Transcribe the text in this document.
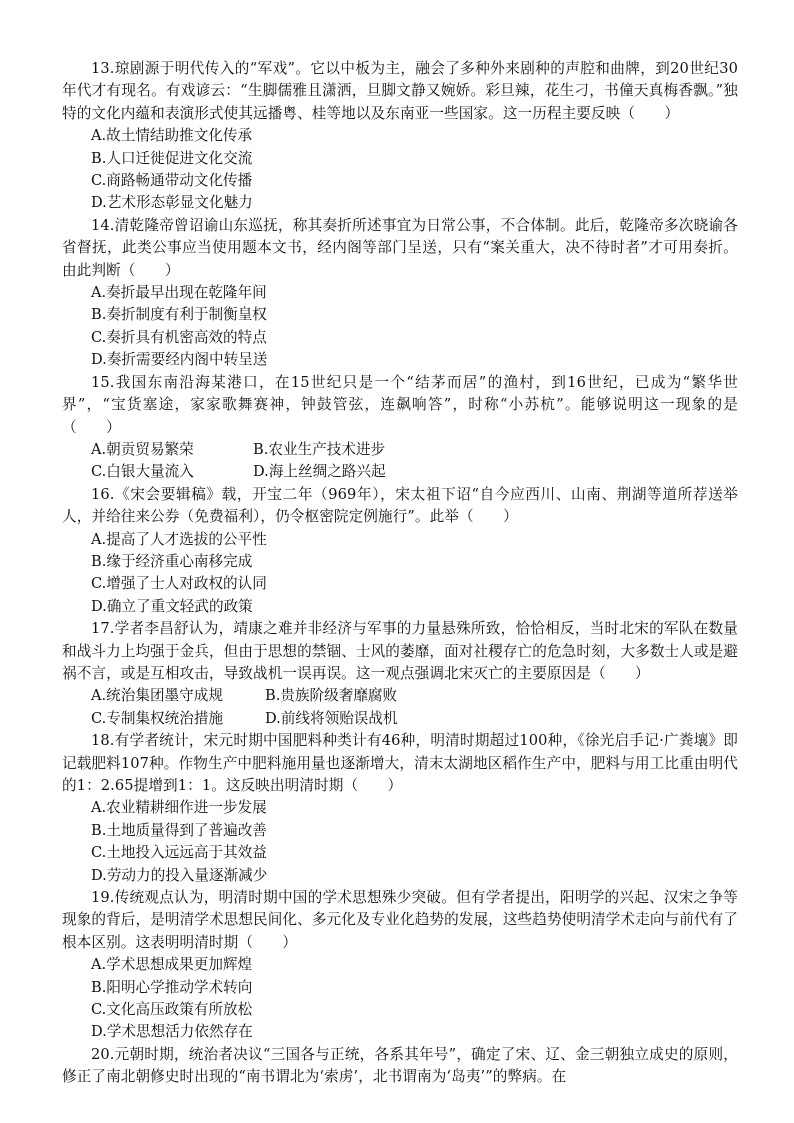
13.琼剧源于明代传入的“军戏”。它以中板为主，融会了多种外来剧种的声腔和曲牌，到20世纪30年代才有现名。有戏谚云：“生脚儒雅且潇洒，旦脚文静又婉娇。彩旦辣，花生刁，书僮天真梅香飘。”独特的文化内蕴和表演形式使其远播粤、桂等地以及东南亚一些国家。这一历程主要反映（　　）

A.故土情结助推文化传承

B.人口迁徙促进文化交流

C.商路畅通带动文化传播

D.艺术形态彰显文化魅力

14.清乾隆帝曾诏谕山东巡抚，称其奏折所述事宜为日常公事，不合体制。此后，乾隆帝多次晓谕各省督抚，此类公事应当使用题本文书，经内阁等部门呈送，只有“案关重大，决不待时者”才可用奏折。由此判断（　　）

A.奏折最早出现在乾隆年间

B.奏折制度有利于制衡皇权

C.奏折具有机密高效的特点

D.奏折需要经内阁中转呈送

15.我国东南沿海某港口，在15世纪只是一个“结茅而居”的渔村，到16世纪，已成为“繁华世界”，“宝货塞途，家家歌舞赛神，钟鼓管弦，连飙响答”，时称“小苏杭”。能够说明这一现象的是（　　）

A.朝贡贸易繁荣	B.农业生产技术进步

C.白银大量流入	D.海上丝绸之路兴起

16.《宋会要辑稿》载，开宝二年（969年），宋太祖下诏“自今应西川、山南、荆湖等道所荐送举人，并给往来公券（免费福利），仍令枢密院定例施行”。此举（　　）

A.提高了人才选拔的公平性

B.缘于经济重心南移完成

C.增强了士人对政权的认同

D.确立了重文轻武的政策

17.学者李昌舒认为，靖康之难并非经济与军事的力量悬殊所致，恰恰相反，当时北宋的军队在数量和战斗力上均强于金兵，但由于思想的禁锢、士风的萎靡，面对社稷存亡的危急时刻，大多数士人或是避祸不言，或是互相攻击，导致战机一误再误。这一观点强调北宋灭亡的主要原因是（　　）

A.统治集团墨守成规	B.贵族阶级奢靡腐败

C.专制集权统治措施	D.前线将领贻误战机

18.有学者统计，宋元时期中国肥料种类计有46种，明清时期超过100种，《徐光启手记·广粪壤》即记载肥料107种。作物生产中肥料施用量也逐渐增大，清末太湖地区稻作生产中，肥料与用工比重由明代的1：2.65提增到1：1。这反映出明清时期（　　）

A.农业精耕细作进一步发展

B.土地质量得到了普遍改善

C.土地投入远远高于其效益

D.劳动力的投入量逐渐减少

19.传统观点认为，明清时期中国的学术思想殊少突破。但有学者提出，阳明学的兴起、汉宋之争等现象的背后，是明清学术思想民间化、多元化及专业化趋势的发展，这些趋势使明清学术走向与前代有了根本区别。这表明明清时期（　　）

A.学术思想成果更加辉煌

B.阳明心学推动学术转向

C.文化高压政策有所放松

D.学术思想活力依然存在

20.元朝时期，统治者决议“三国各与正统，各系其年号”，确定了宋、辽、金三朝独立成史的原则，修正了南北朝修史时出现的“南书谓北为‘索虏’，北书谓南为‘岛夷’”的弊病。在
